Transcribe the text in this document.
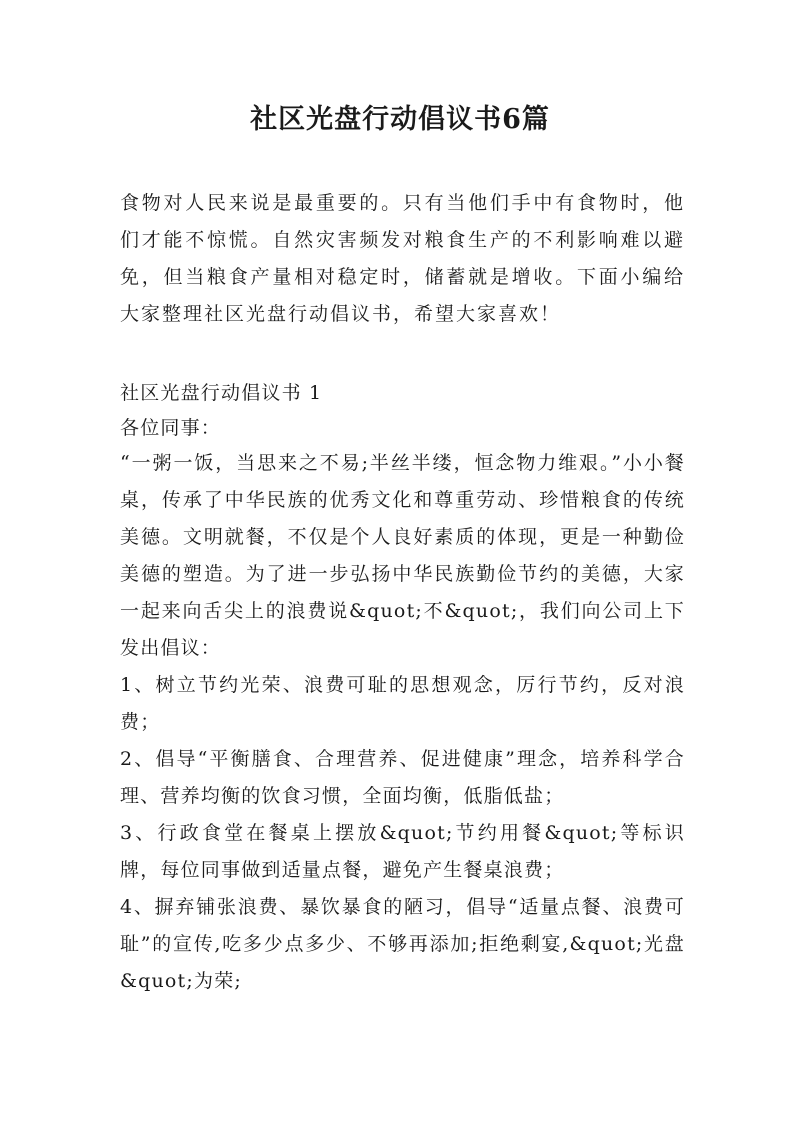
社区光盘行动倡议书6篇

食物对人民来说是最重要的。只有当他们手中有食物时，他们才能不惊慌。自然灾害频发对粮食生产的不利影响难以避免，但当粮食产量相对稳定时，储蓄就是增收。下面小编给大家整理社区光盘行动倡议书，希望大家喜欢！

社区光盘行动倡议书 1

各位同事：

“一粥一饭，当思来之不易;半丝半缕，恒念物力维艰。”小小餐桌，传承了中华民族的优秀文化和尊重劳动、珍惜粮食的传统美德。文明就餐，不仅是个人良好素质的体现，更是一种勤俭美德的塑造。为了进一步弘扬中华民族勤俭节约的美德，大家一起来向舌尖上的浪费说&quot;不&quot;，我们向公司上下发出倡议：

1、树立节约光荣、浪费可耻的思想观念，厉行节约，反对浪费；

2、倡导“平衡膳食、合理营养、促进健康”理念，培养科学合理、营养均衡的饮食习惯，全面均衡，低脂低盐；

3、行政食堂在餐桌上摆放&quot;节约用餐&quot;等标识牌，每位同事做到适量点餐，避免产生餐桌浪费；

4、摒弃铺张浪费、暴饮暴食的陋习，倡导“适量点餐、浪费可耻”的宣传,吃多少点多少、不够再添加;拒绝剩宴,&quot;光盘&quot;为荣;
